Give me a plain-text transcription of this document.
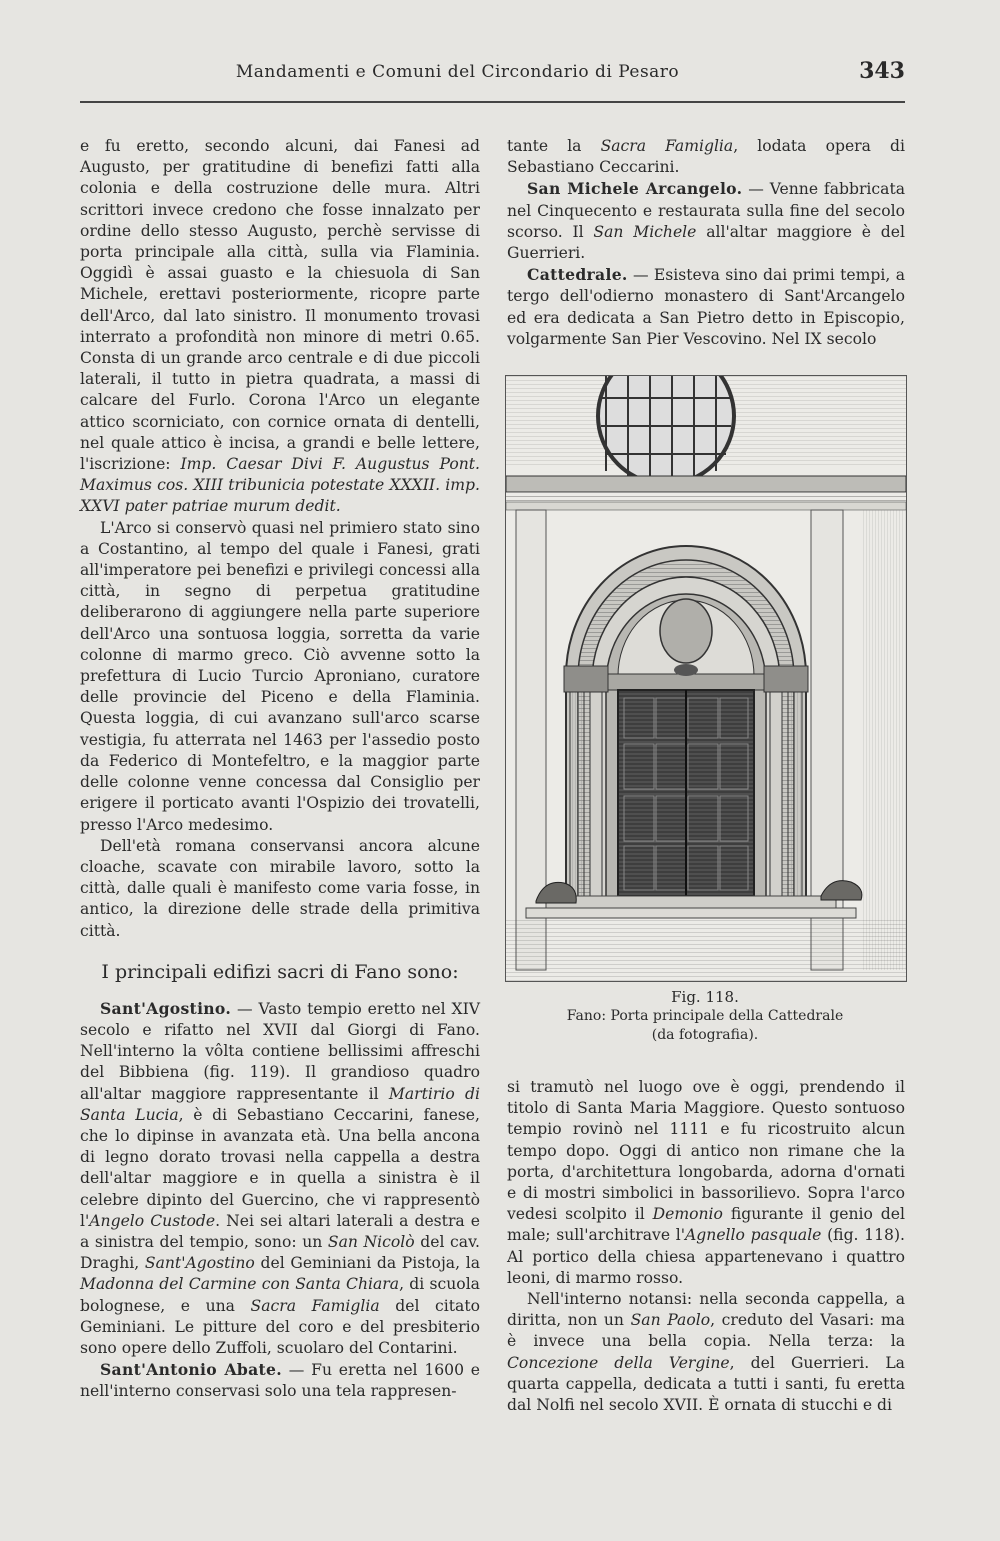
Mandamenti e Comuni del Circondario di Pesaro	343

e fu eretto, secondo alcuni, dai Fanesi ad Augusto, per gratitudine di benefizi fatti alla colonia e della costruzione delle mura. Altri scrittori invece credono che fosse innalzato per ordine dello stesso Augusto, perchè servisse di porta principale alla città, sulla via Flaminia. Oggidì è assai guasto e la chiesuola di San Michele, erettavi posteriormente, ricopre parte dell'Arco, dal lato sinistro. Il monumento trovasi interrato a profondità non minore di metri 0.65. Consta di un grande arco centrale e di due piccoli laterali, il tutto in pietra quadrata, a massi di calcare del Furlo. Corona l'Arco un elegante attico scorniciato, con cornice ornata di dentelli, nel quale attico è incisa, a grandi e belle lettere, l'iscrizione: Imp. Caesar Divi F. Augustus Pont. Maximus cos. XIII tribunicia potestate XXXII. imp. XXVI pater patriae murum dedit.

L'Arco si conservò quasi nel primiero stato sino a Costantino, al tempo del quale i Fanesi, grati all'imperatore pei benefizi e privilegi concessi alla città, in segno di perpetua gratitudine deliberarono di aggiungere nella parte superiore dell'Arco una sontuosa loggia, sorretta da varie colonne di marmo greco. Ciò avvenne sotto la prefettura di Lucio Turcio Aproniano, curatore delle provincie del Piceno e della Flaminia. Questa loggia, di cui avanzano sull'arco scarse vestigia, fu atterrata nel 1463 per l'assedio posto da Federico di Montefeltro, e la maggior parte delle colonne venne concessa dal Consiglio per erigere il porticato avanti l'Ospizio dei trovatelli, presso l'Arco medesimo.

Dell'età romana conservansi ancora alcune cloache, scavate con mirabile lavoro, sotto la città, dalle quali è manifesto come varia fosse, in antico, la direzione delle strade della primitiva città.

I principali edifizi sacri di Fano sono:

Sant'Agostino. — Vasto tempio eretto nel XIV secolo e rifatto nel XVII dal Giorgi di Fano. Nell'interno la vôlta contiene bellissimi affreschi del Bibbiena (fig. 119). Il grandioso quadro all'altar maggiore rappresentante il Martirio di Santa Lucia, è di Sebastiano Ceccarini, fanese, che lo dipinse in avanzata età. Una bella ancona di legno dorato trovasi nella cappella a destra dell'altar maggiore e in quella a sinistra è il celebre dipinto del Guercino, che vi rappresentò l'Angelo Custode. Nei sei altari laterali a destra e a sinistra del tempio, sono: un San Nicolò del cav. Draghi, Sant'Agostino del Geminiani da Pistoja, la Madonna del Carmine con Santa Chiara, di scuola bolognese, e una Sacra Famiglia del citato Geminiani. Le pitture del coro e del presbiterio sono opere dello Zuffoli, scuolaro del Contarini.

Sant'Antonio Abate. — Fu eretta nel 1600 e nell'interno conservasi solo una tela rappresen-

tante la Sacra Famiglia, lodata opera di Sebastiano Ceccarini.

San Michele Arcangelo. — Venne fabbricata nel Cinquecento e restaurata sulla fine del secolo scorso. Il San Michele all'altar maggiore è del Guerrieri.

Cattedrale. — Esisteva sino dai primi tempi, a tergo dell'odierno monastero di Sant'Arcangelo ed era dedicata a San Pietro detto in Episcopio, volgarmente San Pier Vescovino. Nel IX secolo

Fig. 118.

Fano: Porta principale della Cattedrale

(da fotografia).

si tramutò nel luogo ove è oggi, prendendo il titolo di Santa Maria Maggiore. Questo sontuoso tempio rovinò nel 1111 e fu ricostruito alcun tempo dopo. Oggi di antico non rimane che la porta, d'architettura longobarda, adorna d'ornati e di mostri simbolici in bassorilievo. Sopra l'arco vedesi scolpito il Demonio figurante il genio del male; sull'architrave l'Agnello pasquale (fig. 118). Al portico della chiesa appartenevano i quattro leoni, di marmo rosso.

Nell'interno notansi: nella seconda cappella, a diritta, non un San Paolo, creduto del Vasari: ma è invece una bella copia. Nella terza: la Concezione della Vergine, del Guerrieri. La quarta cappella, dedicata a tutti i santi, fu eretta dal Nolfi nel secolo XVII. È ornata di stucchi e di
